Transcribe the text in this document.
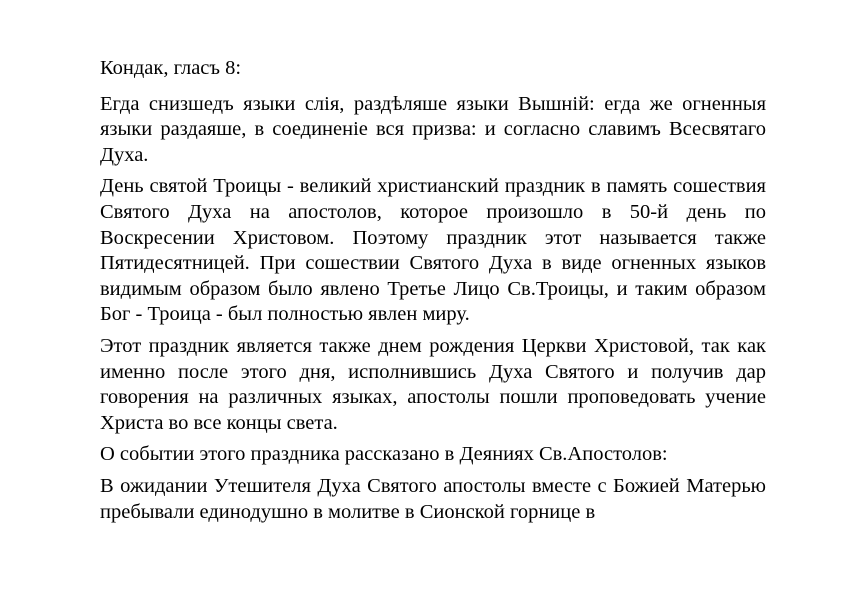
Кондак, гласъ 8:

Егда снизшедъ языки слiя, раздѣляше языки Вышнiй: егда же огненныя языки раздаяше, в соединенiе вся призва: и согласно славимъ Всесвятаго Духа.

День святой Троицы - великий христианский праздник в память сошествия Святого Духа на апостолов, которое произошло в 50-й день по Воскресении Христовом. Поэтому праздник этот называется также Пятидесятницей. При сошествии Святого Духа в виде огненных языков видимым образом было явлено Третье Лицо Св.Троицы, и таким образом Бог - Троица - был полностью явлен миру.

Этот праздник является также днем рождения Церкви Христовой, так как именно после этого дня, исполнившись Духа Святого и получив дар говорения на различных языках, апостолы пошли проповедовать учение Христа во все концы света.

О событии этого праздника рассказано в Деяниях Св.Апостолов:

В ожидании Утешителя Духа Святого апостолы вместе с Божией Матерью пребывали единодушно в молитве в Сионской горнице в
